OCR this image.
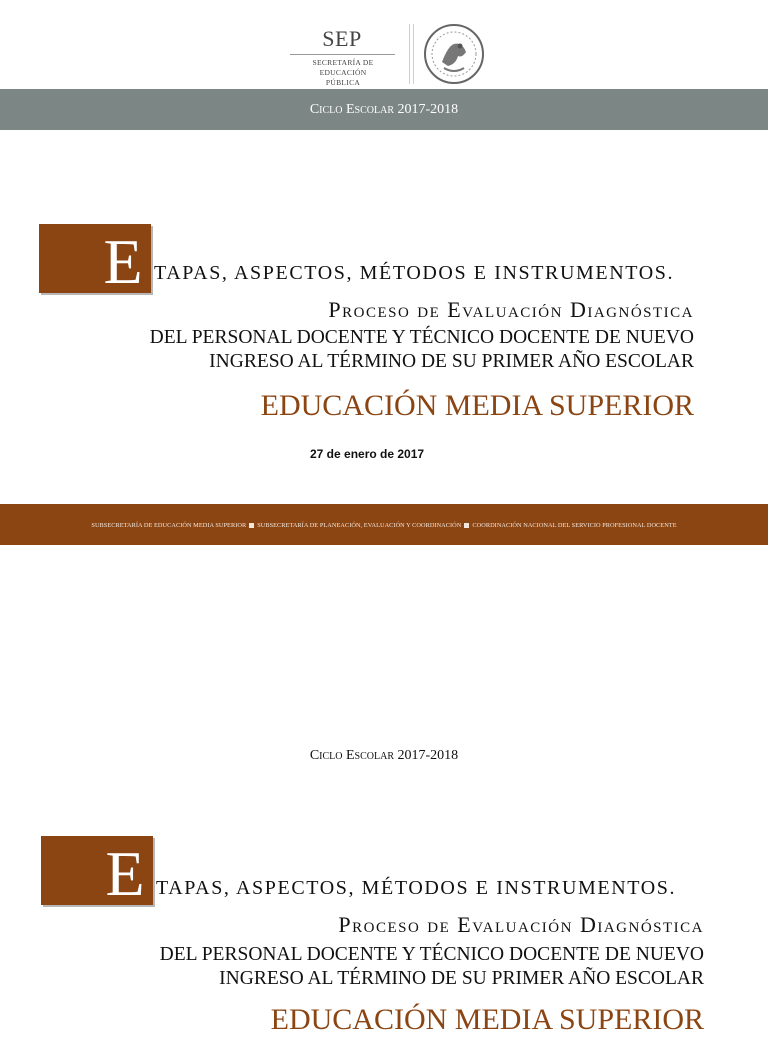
SEP
SECRETARÍA DE
EDUCACIÓN PÚBLICA
Ciclo Escolar 2017-2018
E TAPAS, ASPECTOS, MÉTODOS E INSTRUMENTOS.
Proceso de Evaluación Diagnóstica
DEL PERSONAL DOCENTE Y TÉCNICO DOCENTE DE NUEVO
INGRESO AL TÉRMINO DE SU PRIMER AÑO ESCOLAR
EDUCACIÓN MEDIA SUPERIOR
27 de enero de 2017
SUBSECRETARÍA DE EDUCACIÓN MEDIA SUPERIOR SUBSECRETARÍA DE PLANEACIÓN, EVALUACIÓN Y COORDINACIÓN COORDINACIÓN NACIONAL DEL SERVICIO PROFESIONAL DOCENTE
Ciclo Escolar 2017-2018
E TAPAS, ASPECTOS, MÉTODOS E INSTRUMENTOS.
Proceso de Evaluación Diagnóstica
DEL PERSONAL DOCENTE Y TÉCNICO DOCENTE DE NUEVO
INGRESO AL TÉRMINO DE SU PRIMER AÑO ESCOLAR
EDUCACIÓN MEDIA SUPERIOR
